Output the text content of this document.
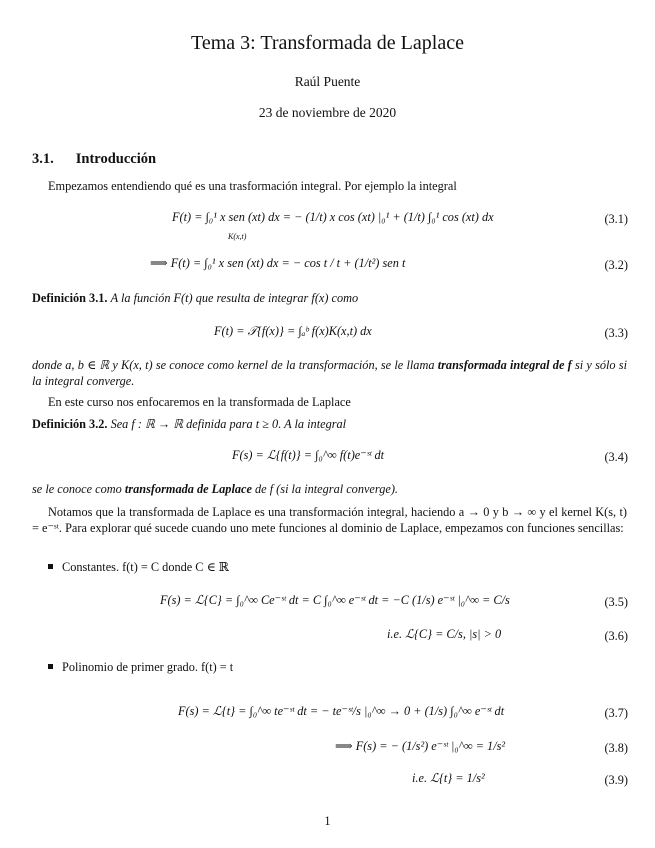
Tema 3: Transformada de Laplace
Raúl Puente
23 de noviembre de 2020
3.1. Introducción
Empezamos entendiendo qué es una trasformación integral. Por ejemplo la integral
F(t) = ∫₀¹ x sen (xt) dx = − (1/t) x cos (xt) |₀¹ + (1/t) ∫₀¹ cos (xt) dx
K(x,t)
(3.1)
⟹ F(t) = ∫₀¹ x sen (xt) dx = − cos t / t + (1/t²) sen t	(3.2)
Definición 3.1. A la función F(t) que resulta de integrar f(x) como
F(t) = 𝒯{f(x)} = ∫ₐᵇ f(x)K(x,t) dx	(3.3)
donde a, b ∈ ℝ y K(x, t) se conoce como kernel de la transformación, se le llama transformada integral de f si y sólo si la integral converge.
En este curso nos enfocaremos en la transformada de Laplace
Definición 3.2. Sea f : ℝ → ℝ definida para t ≥ 0. A la integral
F(s) = ℒ{f(t)} = ∫₀^∞ f(t)e⁻ˢᵗ dt	(3.4)
se le conoce como transformada de Laplace de f (si la integral converge).
Notamos que la transformada de Laplace es una transformación integral, haciendo a → 0 y b → ∞ y el kernel K(s, t) = e⁻ˢᵗ. Para explorar qué sucede cuando uno mete funciones al dominio de Laplace, empezamos con funciones sencillas:
Constantes. f(t) = C donde C ∈ ℝ
F(s) = ℒ{C} = ∫₀^∞ Ce⁻ˢᵗ dt = C ∫₀^∞ e⁻ˢᵗ dt = −C (1/s) e⁻ˢᵗ |₀^∞ = C/s	(3.5)
i.e. ℒ{C} = C/s, |s| > 0	(3.6)
Polinomio de primer grado. f(t) = t
F(s) = ℒ{t} = ∫₀^∞ te⁻ˢᵗ dt = − te⁻ˢᵗ/s |₀^∞ → 0 + (1/s) ∫₀^∞ e⁻ˢᵗ dt	(3.7)
⟹ F(s) = − (1/s²) e⁻ˢᵗ |₀^∞ = 1/s²	(3.8)
i.e. ℒ{t} = 1/s²	(3.9)
1
